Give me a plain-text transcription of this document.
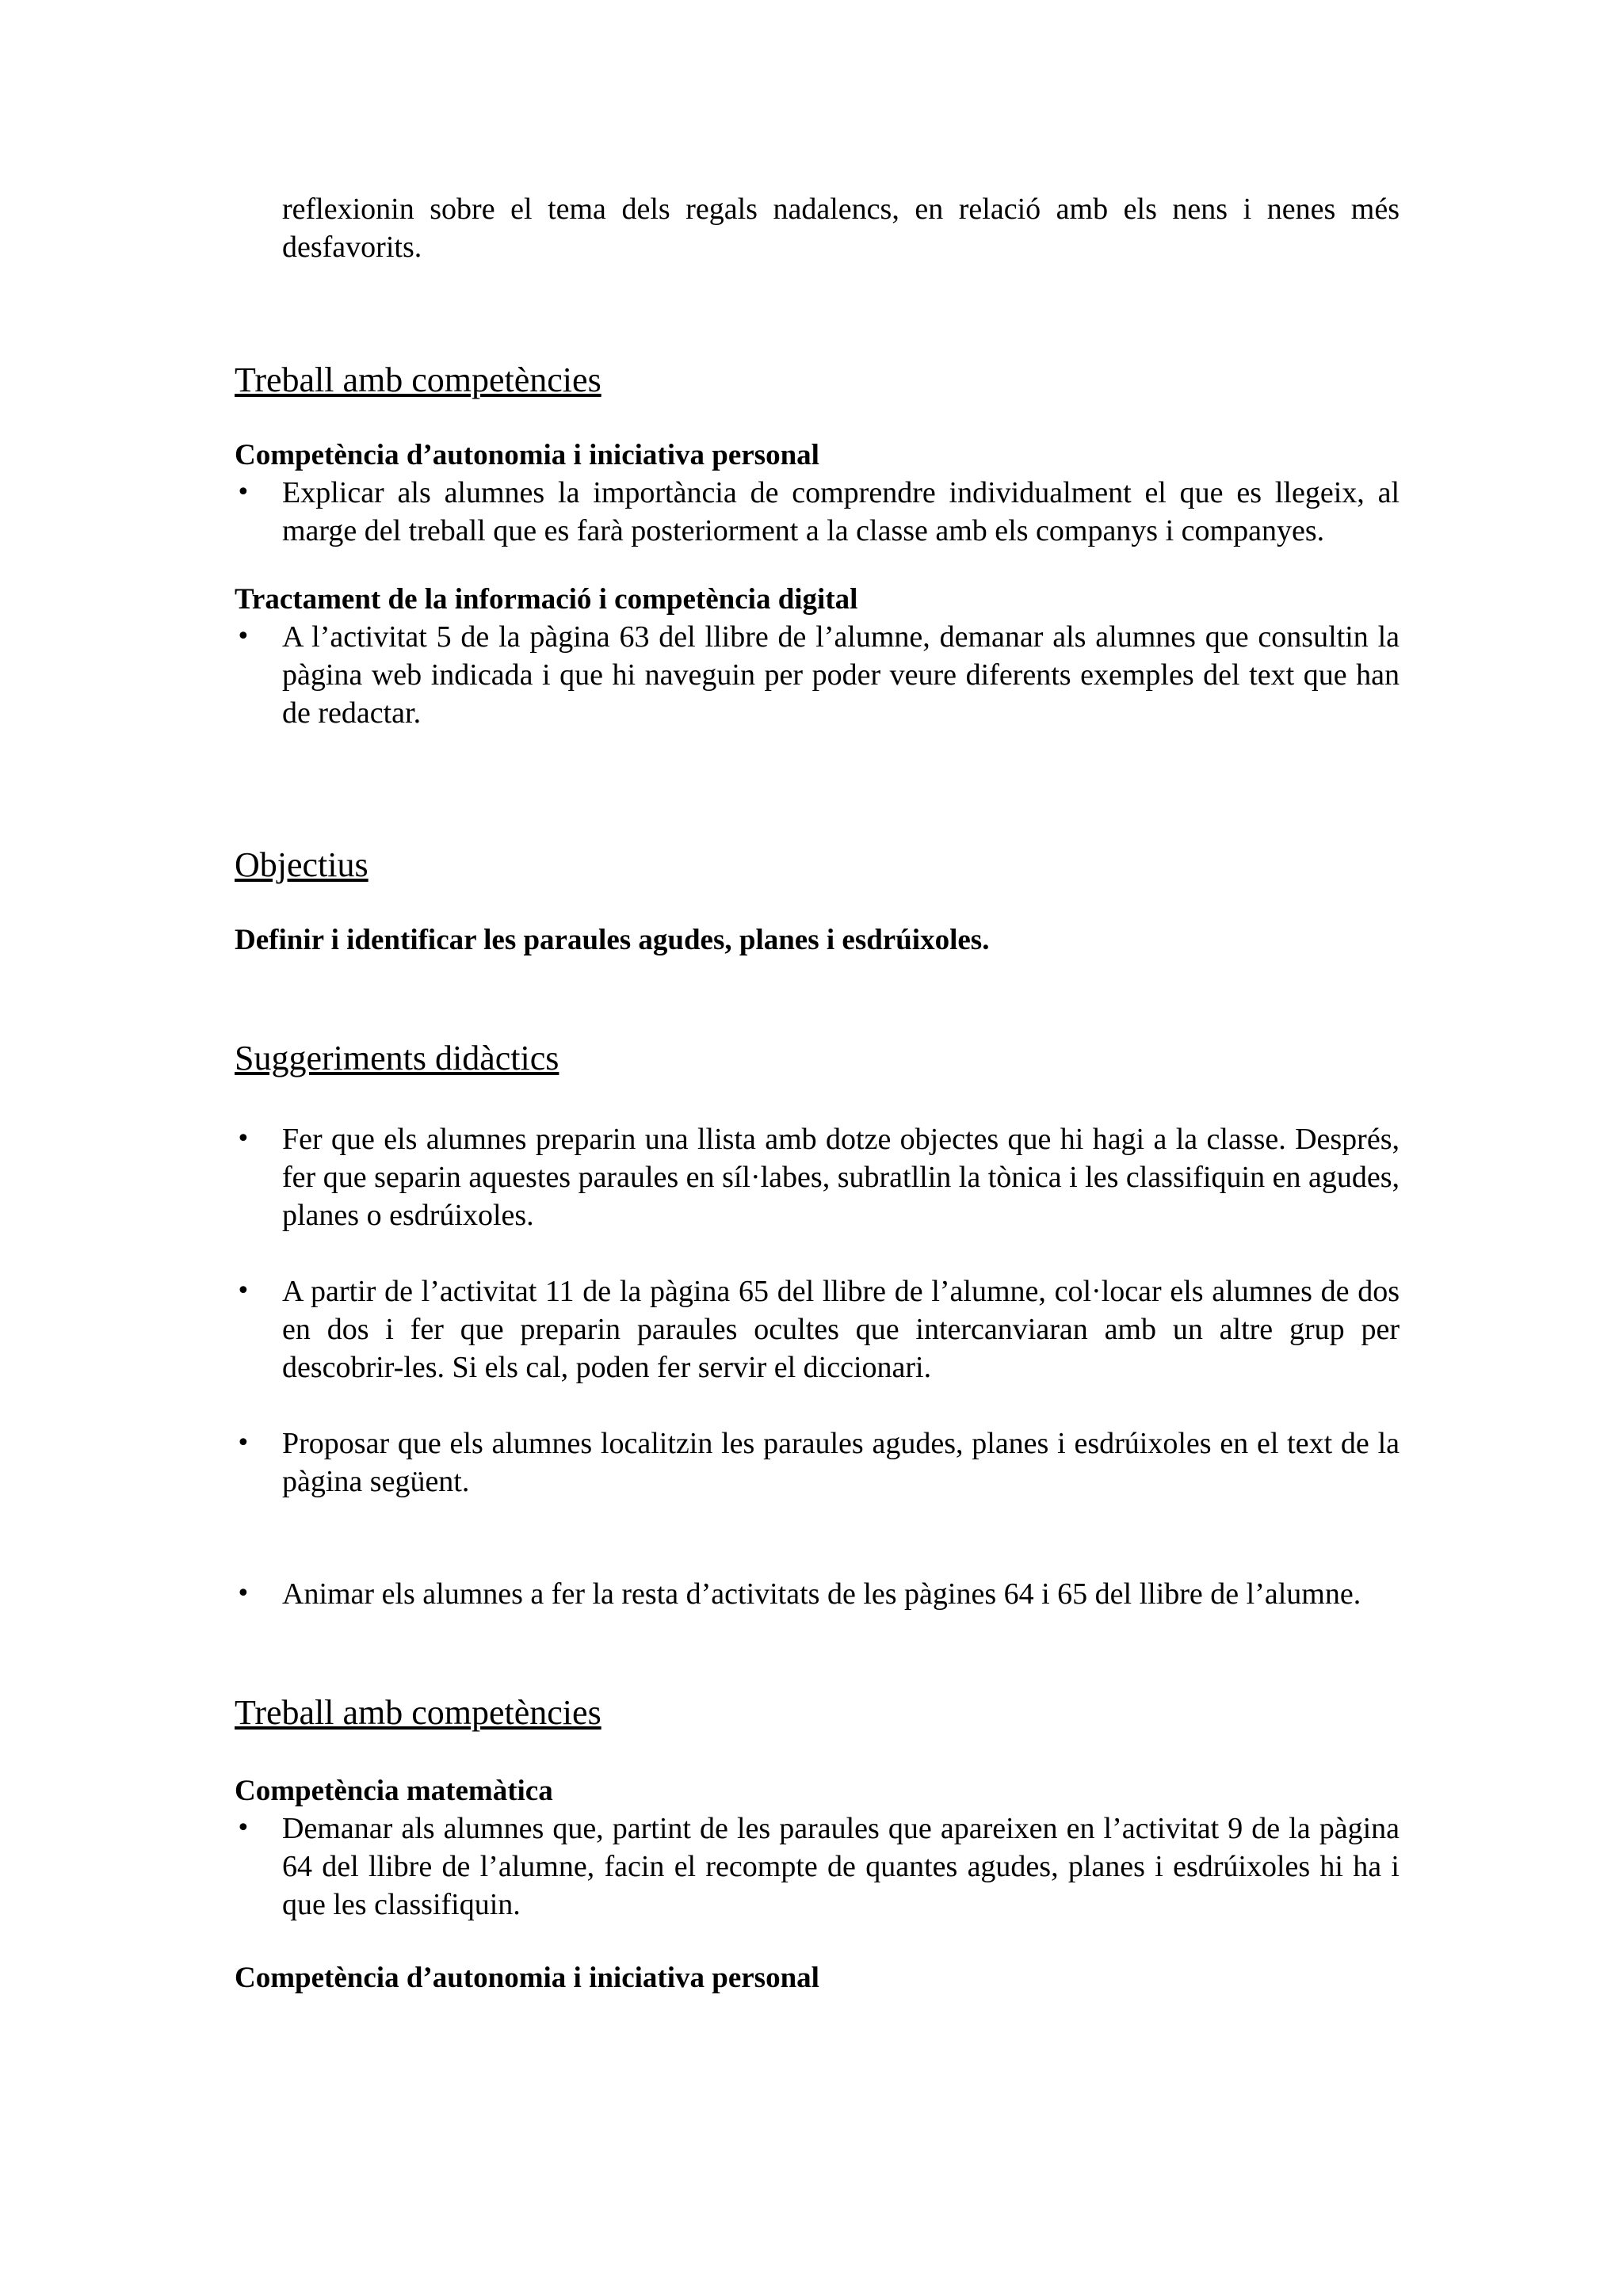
reflexionin sobre el tema dels regals nadalencs, en relació amb els nens i nenes més desfavorits.

Treball amb competències
Competència d’autonomia i iniciativa personal
• Explicar als alumnes la importància de comprendre individualment el que es llegeix, al marge del treball que es farà posteriorment a la classe amb els companys i companyes.
Tractament de la informació i competència digital
• A l’activitat 5 de la pàgina 63 del llibre de l’alumne, demanar als alumnes que consultin la pàgina web indicada i que hi naveguin per poder veure diferents exemples del text que han de redactar.
Objectius

Definir i identificar les paraules agudes, planes i esdrúixoles.

Suggeriments didàctics
• Fer que els alumnes preparin una llista amb dotze objectes que hi hagi a la classe. Després, fer que separin aquestes paraules en síl·labes, subratllin la tònica i les classifiquin en agudes, planes o esdrúixoles.
• A partir de l’activitat 11 de la pàgina 65 del llibre de l’alumne, col·locar els alumnes de dos en dos i fer que preparin paraules ocultes que intercanviaran amb un altre grup per descobrir-les. Si els cal, poden fer servir el diccionari.
• Proposar que els alumnes localitzin les paraules agudes, planes i esdrúixoles en el text de la pàgina següent.
• Animar els alumnes a fer la resta d’activitats de les pàgines 64 i 65 del llibre de l’alumne.
Treball amb competències
Competència matemàtica
• Demanar als alumnes que, partint de les paraules que apareixen en l’activitat 9 de la pàgina 64 del llibre de l’alumne, facin el recompte de quantes agudes, planes i esdrúixoles hi ha i que les classifiquin.
Competència d’autonomia i iniciativa personal
